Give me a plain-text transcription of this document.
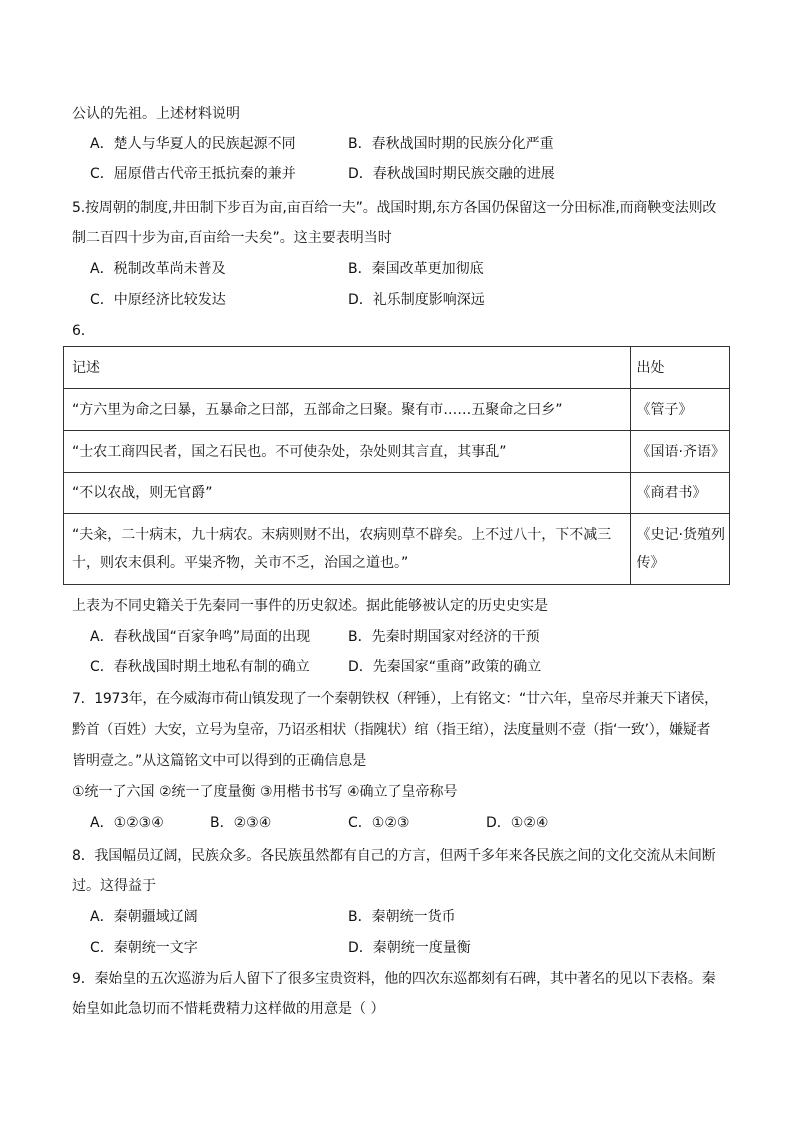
公认的先祖。上述材料说明
A．楚人与华夏人的民族起源不同	B．春秋战国时期的民族分化严重
C．屈原借古代帝王抵抗秦的兼并	D．春秋战国时期民族交融的进展
5.按周朝的制度,井田制下步百为亩,亩百给一夫”。战国时期,东方各国仍保留这一分田标准,而商鞅变法则改
制二百四十步为亩,百亩给一夫矣”。这主要表明当时
A．税制改革尚未普及	B．秦国改革更加彻底
C．中原经济比较发达	D．礼乐制度影响深远
6．
记述	出处
“方六里为命之曰暴，五暴命之曰部，五部命之曰聚。聚有市……五聚命之曰乡”	《管子》
“士农工商四民者，国之石民也。不可使杂处，杂处则其言直，其事乱”	《国语·齐语》
“不以农战，则无官爵”	《商君书》
“夫籴，二十病末，九十病农。末病则财不出，农病则草不辟矣。上不过八十，下不减三十，则农末俱利。平粜齐物，关市不乏，治国之道也。”	《史记·货殖列传》
上表为不同史籍关于先秦同一事件的历史叙述。据此能够被认定的历史史实是
A．春秋战国“百家争鸣”局面的出现	B．先秦时期国家对经济的干预
C．春秋战国时期土地私有制的确立	D．先秦国家“重商”政策的确立
7．1973年，在今威海市荷山镇发现了一个秦朝铁权（秤锤），上有铭文：“廿六年，皇帝尽并兼天下诸侯，
黔首（百姓）大安，立号为皇帝，乃诏丞相状（指隗状）绾（指王绾），法度量则不壹（指‘一致’），嫌疑者
皆明壹之。”从这篇铭文中可以得到的正确信息是
①统一了六国 ②统一了度量衡 ③用楷书书写 ④确立了皇帝称号
A．①②③④	B．②③④	C．①②③	D．①②④
8．我国幅员辽阔，民族众多。各民族虽然都有自己的方言，但两千多年来各民族之间的文化交流从未间断
过。这得益于
A．秦朝疆域辽阔	B．秦朝统一货币
C．秦朝统一文字	D．秦朝统一度量衡
9．秦始皇的五次巡游为后人留下了很多宝贵资料，他的四次东巡都刻有石碑，其中著名的见以下表格。秦
始皇如此急切而不惜耗费精力这样做的用意是（ ）
